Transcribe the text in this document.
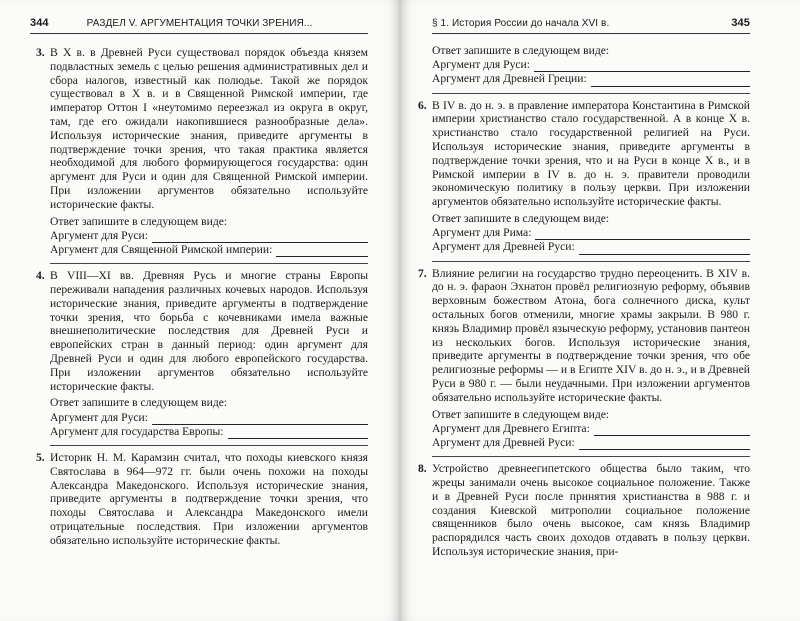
344	РАЗДЕЛ V. АРГУМЕНТАЦИЯ ТОЧКИ ЗРЕНИЯ...
3. В X в. в Древней Руси существовал порядок объезда князем подвластных земель с целью решения административных дел и сбора налогов, известный как полюдье. Такой же порядок существовал в X в. и в Священной Римской империи, где император Оттон I «неутомимо переезжал из округа в округ, там, где его ожидали накопившиеся разнообразные дела». Используя исторические знания, приведите аргументы в подтверждение точки зрения, что такая практика является необходимой для любого формирующегося государства: один аргумент для Руси и один для Священной Римской империи. При изложении аргументов обязательно используйте исторические факты.

Ответ запишите в следующем виде:
Аргумент для Руси:
Аргумент для Священной Римской империи:
4. В VIII—XI вв. Древняя Русь и многие страны Европы переживали нападения различных кочевых народов. Используя исторические знания, приведите аргументы в подтверждение точки зрения, что борьба с кочевниками имела важные внешнеполитические последствия для Древней Руси и европейских стран в данный период: один аргумент для Древней Руси и один для любого европейского государства. При изложении аргументов обязательно используйте исторические факты.

Ответ запишите в следующем виде:
Аргумент для Руси:
Аргумент для государства Европы:
5. Историк Н. М. Карамзин считал, что походы киевского князя Святослава в 964—972 гг. были очень похожи на походы Александра Македонского. Используя исторические знания, приведите аргументы в подтверждение точки зрения, что походы Святослава и Александра Македонского имели отрицательные последствия. При изложении аргументов обязательно используйте исторические факты.

§ 1. История России до начала XVI в.	345
Ответ запишите в следующем виде:
Аргумент для Руси:
Аргумент для Древней Греции:
6. В IV в. до н. э. в правление императора Константина в Римской империи христианство стало государственной. А в конце X в. христианство стало государственной религией на Руси. Используя исторические знания, приведите аргументы в подтверждение точки зрения, что и на Руси в конце X в., и в Римской империи в IV в. до н. э. правители проводили экономическую политику в пользу церкви. При изложении аргументов обязательно используйте исторические факты.

Ответ запишите в следующем виде:
Аргумент для Рима:
Аргумент для Древней Руси:
7. Влияние религии на государство трудно переоценить. В XIV в. до н. э. фараон Эхнатон провёл религиозную реформу, объявив верховным божеством Атона, бога солнечного диска, культ остальных богов отменили, многие храмы закрыли. В 980 г. князь Владимир провёл языческую реформу, установив пантеон из нескольких богов. Используя исторические знания, приведите аргументы в подтверждение точки зрения, что обе религиозные реформы — и в Египте XIV в. до н. э., и в Древней Руси в 980 г. — были неудачными. При изложении аргументов обязательно используйте исторические факты.

Ответ запишите в следующем виде:
Аргумент для Древнего Египта:
Аргумент для Древней Руси:
8. Устройство древнеегипетского общества было таким, что жрецы занимали очень высокое социальное положение. Также и в Древней Руси после принятия христианства в 988 г. и создания Киевской митрополии социальное положение священников было очень высокое, сам князь Владимир распорядился часть своих доходов отдавать в пользу церкви. Используя исторические знания, при-
